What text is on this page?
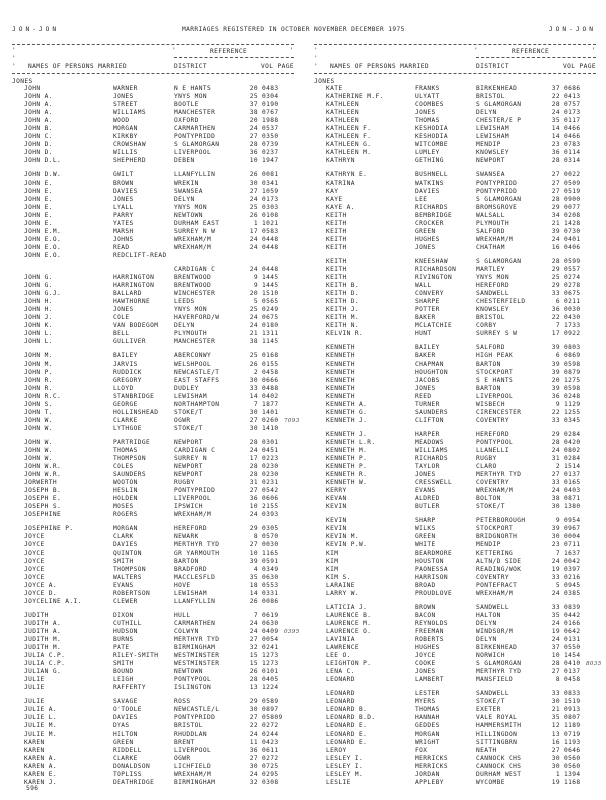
JON-JON	MARRIAGES REGISTERED IN OCTOBER NOVEMBER DECEMBER 1975	JON-JON
'
'
' NAMES OF PERSONS MARRIED
'	REFERENCE	'
DISTRICT	VOL PAGE
JONES
JOHN	WARNER	N E HANTS	20 0483
JOHN A.	JONES	YNYS MON	25 0304
JOHN A.	STREET	BOOTLE	37 0190
JOHN A.	WILLIAMS	MANCHESTER	38 0767
JOHN A.	WOOD	OXFORD	20 1988
JOHN B.	MORGAN	CARMARTHEN	24 0537
JOHN C.	KIRKBY	PONTYPRIDD	27 0350
JOHN D.	CROWSHAW	S GLAMORGAN	28 0739
JOHN D.	WILLIS	LIVERPOOL	36 0237
JOHN D.L.	SHEPHERD	DEBEN	10 1947
JOHN D.W.	GWILT	LLANFYLLIN	26 0081
JOHN E.	BROWN	WREKIN	30 0341
JOHN E.	DAVIES	SWANSEA	27 1059
JOHN E.	JONES	DELYN	24 0173
JOHN E.	LYALL	YNYS MON	25 0303
JOHN E.	PARRY	NEWTOWN	26 0108
JOHN E.	YATES	DURHAM EAST	1 1021
JOHN E.M.	MARSH	SURREY N W	17 0583
JOHN E.O.	JOHNS	WREXHAM/M	24 0448
JOHN E.O.	READ	WREXHAM/M	24 0448
JOHN E.O.	REDCLIFT-READ
CARDIGAN C	24 0448
JOHN G.	HARRINGTON	BRENTWOOD	9 1445
JOHN G.	HARRINGTON	BRENTWOOD	9 1445
JOHN G.J.	BALLARD	WINCHESTER	20 1510
JOHN H.	HAWTHORNE	LEEDS	5 0565
JOHN H.	JONES	YNYS MON	25 0249
JOHN J.	COLE	HAVERFORD/W	24 0675
JOHN K.	VAN BODEGOM	DELYN	24 0180
JOHN L.	BELL	PLYMOUTH	21 1311
JOHN L.	GULLIVER	MANCHESTER	38 1145
JOHN M.	BAILEY	ABERCONWY	25 0168
JOHN M.	JARVIS	WELSHPOOL	26 0155
JOHN P.	RUDDICK	NEWCASTLE/T	2 0458
JOHN R.	GREGORY	EAST STAFFS	30 0666
JOHN R.	LLOYD	DUDLEY	33 0488
JOHN R.C.	STANBRIDGE	LEWISHAM	14 0402
JOHN S.	GEORGE	NORTHAMPTON	7 1877
JOHN T.	HOLLINSHEAD	STOKE/T	30 1401
JOHN W.	CLARKE	OGWR	27 0260 7093
JOHN W.	LYTHGOE	STOKE/T	30 1410
JOHN W.	PARTRIDGE	NEWPORT	28 0301
JOHN W.	THOMAS	CARDIGAN C	24 0451
JOHN W.	THOMPSON	SURREY N	17 0223
JOHN W.R.	COLES	NEWPORT	28 0230
JOHN W.R.	SAUNDERS	NEWPORT	28 0230
JORWERTH	WOOTON	RUGBY	31 0231
JOSEPH B.	HESLIN	PONTYPRIDD	27 0542
JOSEPH E.	HOLDEN	LIVERPOOL	36 0606
JOSEPH S.	MOSES	IPSWICH	10 2155
JOSEPHINE	ROGERS	WREXHAM/M	24 0393
JOSEPHINE P.	MORGAN	HEREFORD	29 0305
JOYCE	CLARK	NEWARK	8 0570
JOYCE	DAVIES	MERTHYR TYD	27 0030
JOYCE	QUINTON	GR YARMOUTH	10 1165
JOYCE	SMITH	BARTON	39 0591
JOYCE	THOMPSON	BRADFORD	4 0349
JOYCE	WALTERS	MACCLESFLD	35 0630
JOYCE A.	EVANS	HOVE	18 0553
JOYCE D.	ROBERTSON	LEWISHAM	14 0331
JOYCELINE A.I.	CLEWER	LLANFYLLIN	26 0086
JUDITH	DIXON	HULL	7 0619
JUDITH A.	CUTHILL	CARMARTHEN	24 0630
JUDITH A.	HUDSON	COLWYN	24 0409 0395
JUDITH M.	BURNS	MERTHYR TYD	27 0054
JUDITH M.	PATE	BIRMINGHAM	32 0241
JULIA C.P.	RILEY-SMITH	WESTMINSTER	15 1273
JULIA C.P.	SMITH	WESTMINSTER	15 1273
JULIAN G.	BOUND	NEWTOWN	26 0101
JULIE	LEIGH	PONTYPOOL	28 0405
JULIE	RAFFERTY	ISLINGTON	13 1224
JULIE	SAVAGE	ROSS	29 0589
JULIE A.	O'TOOLE	NEWCASTLE/L	30 0897
JULIE L.	DAVIES	PONTYPRIDD	27 05809
JULIE M.	DYAS	BRISTOL	22 0272
JULIE M.	HILTON	RHUDDLAN	24 0244
KAREN	GREEN	BRENT	11 0423
KAREN	RIDDELL	LIVERPOOL	36 0611
KAREN A.	CLARKE	OGWR	27 0272
KAREN A.	DONALDSON	LICHFIELD	30 0725
KAREN E.	TOPLISS	WREXHAM/M	24 0295
KAREN J.	DEATHRIDGE	BIRMINGHAM	32 0308
'
'
' NAMES OF PERSONS MARRIED
'	REFERENCE	'
DISTRICT	VOL PAGE
JONES
KATE	FRANKS	BIRKENHEAD	37 0686
KATHERINE M.F.	ULYATT	BRISTOL	22 0413
KATHLEEN	COOMBES	S GLAMORGAN	28 0757
KATHLEEN	JONES	DELYN	24 0173
KATHLEEN	THOMAS	CHESTER/E P	35 0117
KATHLEEN F.	KESHODIA	LEWISHAM	14 0466
KATHLEEN F.	KESHODIA	LEWISHAM	14 0466
KATHLEEN G.	WITCOMBE	MENDIP	23 0783
KATHLEEN M.	LUMLEY	KNOWSLEY	36 0114
KATHRYN	GETHING	NEWPORT	28 0314
KATHRYN E.	BUSHNELL	SWANSEA	27 0022
KATRINA	WATKINS	PONTYPRIDD	27 0509
KAY	DAVIES	PONTYPRIDD	27 0519
KAYE	LEE	S GLAMORGAN	28 0900
KAYE A.	RICHARDS	BROMSGROVE	29 0077
KEITH	BEMBRIDGE	WALSALL	34 0208
KEITH	CROCKER	PLYMOUTH	21 1428
KEITH	GREEN	SALFORD	39 0730
KEITH	HUGHES	WREXHAM/M	24 0401
KEITH	JONES	CHATHAM	16 0406
KEITH	KNEESHAW	S GLAMORGAN	28 0599
KEITH	RICHARDSON	MARTLEY	29 0557
KEITH	RIVINGTON	YNYS MON	25 0274
KEITH B.	WALL	HEREFORD	29 0278
KEITH D.	CONVERY	SANDWELL	33 0675
KEITH D.	SHARPE	CHESTERFIELD	6 0211
KEITH J.	POTTER	KNOWSLEY	36 0030
KEITH M.	BAKER	BRISTOL	22 0430
KEITH N.	MCLATCHIE	CORBY	7 1733
KELVIN R.	HUNT	SURREY S W	17 0922
KENNETH	BAILEY	SALFORD	39 0803
KENNETH	BAKER	HIGH PEAK	6 0869
KENNETH	CHAPMAN	BARTON	39 0598
KENNETH	HOUGHTON	STOCKPORT	39 0879
KENNETH	JACOBS	S E HANTS	20 1275
KENNETH	JONES	BARTON	39 0598
KENNETH	REED	LIVERPOOL	36 0248
KENNETH A.	TURNER	WISBECH	9 1129
KENNETH G.	SAUNDERS	CIRENCESTER	22 1255
KENNETH J.	CLIFTON	COVENTRY	33 0345
KENNETH J.	HARPER	HEREFORD	29 0284
KENNETH L.R.	MEADOWS	PONTYPOOL	28 0420
KENNETH M.	WILLIAMS	LLANELLI	24 0802
KENNETH P.	RICHARDS	RUGBY	31 0284
KENNETH P.	TAYLOR	CLARO	2 1514
KENNETH R.	JONES	MERTHYR TYD	27 0137
KENNETH W.	CRESSWELL	COVENTRY	33 0165
KERRY	EVANS	WREXHAM/M	24 0403
KEVAN	ALDRED	BOLTON	38 0871
KEVIN	BUTLER	STOKE/T	30 1380
KEVIN	SHARP	PETERBOROUGH	9 0954
KEVIN	WILKS	STOCKPORT	39 0967
KEVIN M.	GREEN	BRIDGNORTH	30 0004
KEVIN P.W.	WHITE	MENDIP	23 0711
KIM	BEARDMORE	KETTERING	7 1637
KIM	HOUSTON	ALTN/D SIDE	24 0042
KIM	PAONESSA	READING/WOK	19 0397
KIM S.	HARRISON	COVENTRY	33 0216
LARAINE	BROAD	PONTEFRACT	5 0945
LARRY W.	PROUDLOVE	WREXHAM/M	24 0385
LATICIA J.	BROWN	SANDWELL	33 0839
LAURENCE B.	BACON	HALTON	35 0442
LAURENCE M.	REYNOLDS	DELYN	24 0166
LAURENCE O.	FREEMAN	WINDSOR/M	19 0642
LAVINIA	ROBERTS	DELYN	24 0131
LAWRENCE	HUGHES	BIRKENHEAD	37 0550
LEE O.	JOYCE	NORWICH	10 1454
LEIGHTON P.	COOKE	S GLAMORGAN	28 0410 8035
LENA C.	JONES	MERTHYR TYD	27 0137
LEONARD	LAMBERT	MANSFIELD	8 0458
LEONARD	LESTER	SANDWELL	33 0833
LEONARD	MYERS	STOKE/T	30 1519
LEONARD B.	THOMAS	EXETER	21 0913
LEONARD B.D.	HANNAH	VALE ROYAL	35 0807
LEONARD E.	GEDDES	HAMMERSMITH	12 1189
LEONARD E.	MORGAN	HILLINGDON	13 0719
LEONARD E.	WRIGHT	SITTINGBRN	16 1193
LEROY	FOX	NEATH	27 0646
LESLEY I.	MERRICKS	CANNOCK CHS	30 0560
LESLEY I.	MERRICKS	CANNOCK CHS	30 0560
LESLEY M.	JORDAN	DURHAM WEST	1 1394
LESLIE	APPLEBY	WYCOMBE	19 1168
596
